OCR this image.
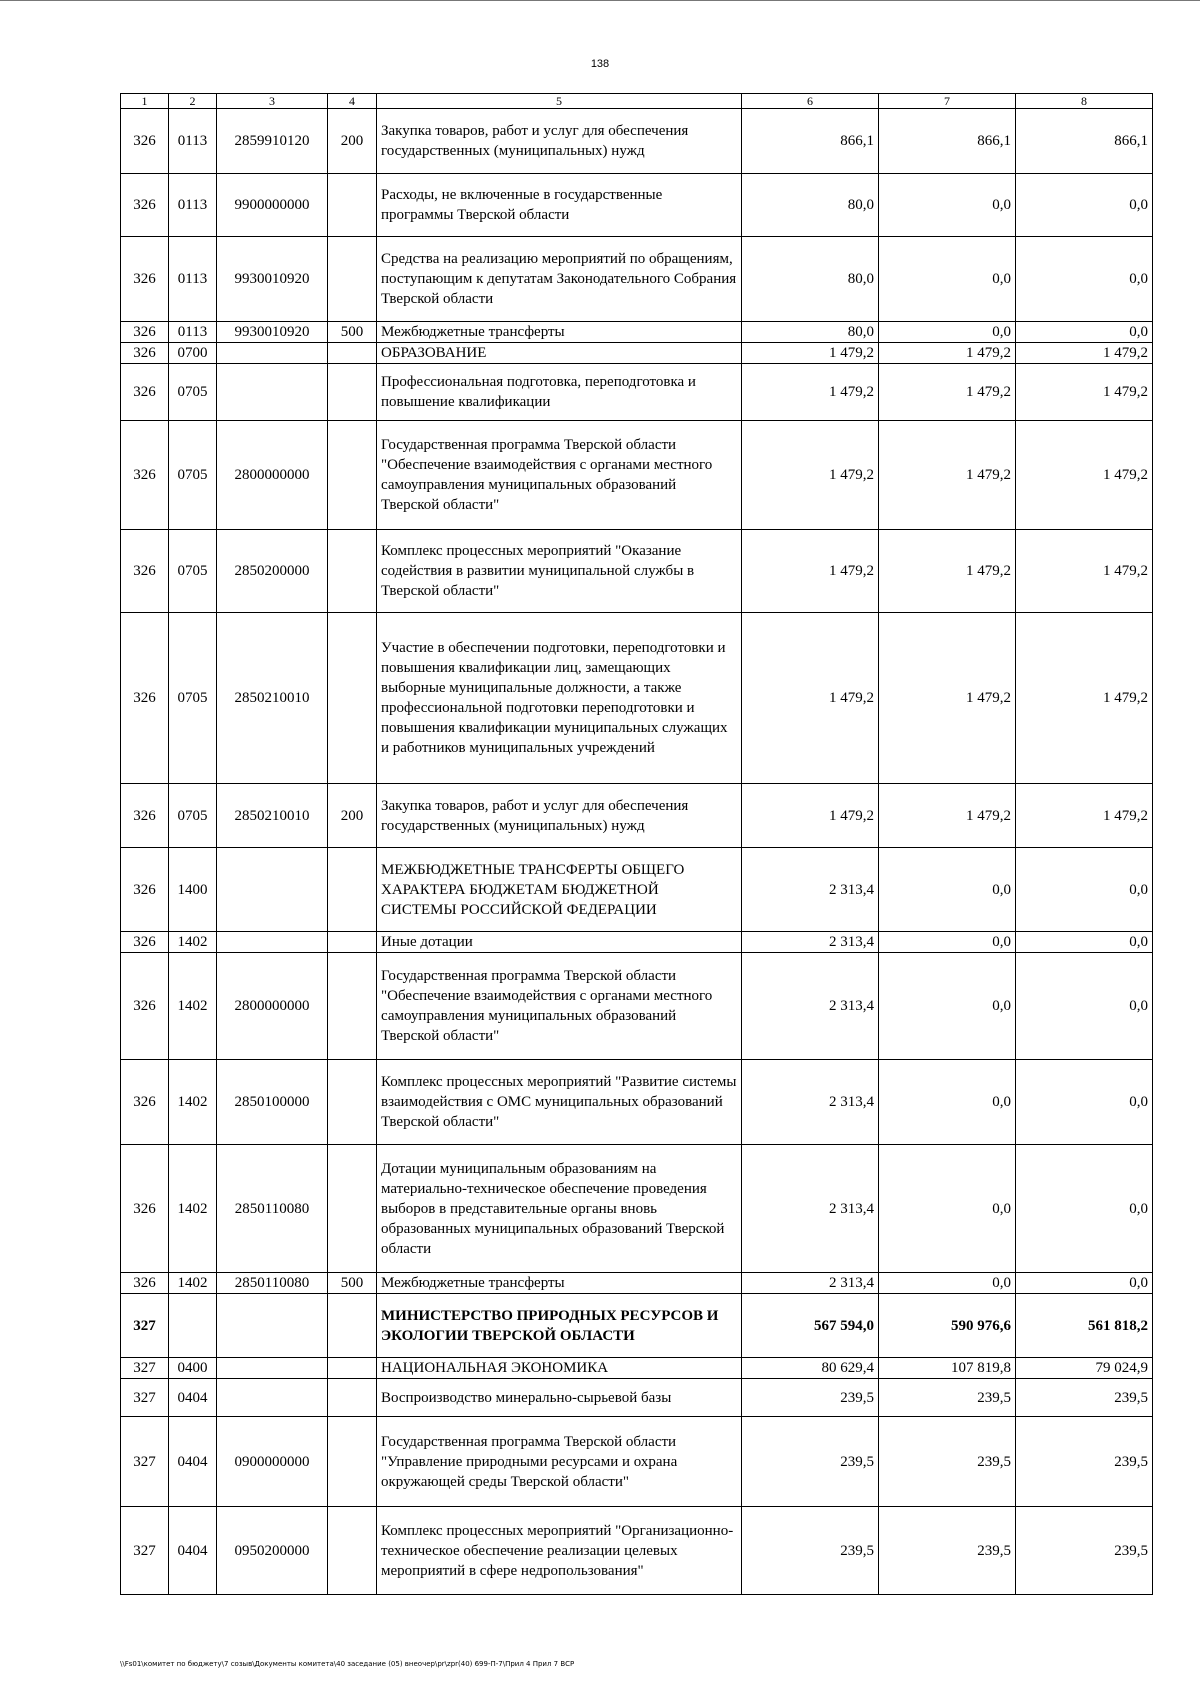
138
1	2	3	4	5	6	7	8
326	0113	2859910120	200	Закупка товаров, работ и услуг для обеспечения государственных (муниципальных) нужд	866,1	866,1	866,1
326	0113	9900000000		Расходы, не включенные в государственные программы Тверской области	80,0	0,0	0,0
326	0113	9930010920		Средства на реализацию мероприятий по обращениям, поступающим к депутатам Законодательного Собрания Тверской области	80,0	0,0	0,0
326	0113	9930010920	500	Межбюджетные трансферты	80,0	0,0	0,0
326	0700			ОБРАЗОВАНИЕ	1 479,2	1 479,2	1 479,2
326	0705			Профессиональная подготовка, переподготовка и повышение квалификации	1 479,2	1 479,2	1 479,2
326	0705	2800000000		Государственная программа Тверской области "Обеспечение взаимодействия с органами местного самоуправления муниципальных образований Тверской области"	1 479,2	1 479,2	1 479,2
326	0705	2850200000		Комплекс процессных мероприятий "Оказание содействия в развитии муниципальной службы в Тверской области"	1 479,2	1 479,2	1 479,2
326	0705	2850210010		Участие в обеспечении подготовки, переподготовки и повышения квалификации лиц, замещающих выборные муниципальные должности, а также профессиональной подготовки переподготовки и повышения квалификации муниципальных служащих и работников муниципальных учреждений	1 479,2	1 479,2	1 479,2
326	0705	2850210010	200	Закупка товаров, работ и услуг для обеспечения государственных (муниципальных) нужд	1 479,2	1 479,2	1 479,2
326	1400			МЕЖБЮДЖЕТНЫЕ ТРАНСФЕРТЫ ОБЩЕГО ХАРАКТЕРА БЮДЖЕТАМ БЮДЖЕТНОЙ СИСТЕМЫ РОССИЙСКОЙ ФЕДЕРАЦИИ	2 313,4	0,0	0,0
326	1402			Иные дотации	2 313,4	0,0	0,0
326	1402	2800000000		Государственная программа Тверской области "Обеспечение взаимодействия с органами местного самоуправления муниципальных образований Тверской области"	2 313,4	0,0	0,0
326	1402	2850100000		Комплекс процессных мероприятий "Развитие системы взаимодействия с ОМС муниципальных образований Тверской области"	2 313,4	0,0	0,0
326	1402	2850110080		Дотации муниципальным образованиям на материально-техническое обеспечение проведения выборов в представительные органы вновь образованных муниципальных образований Тверской области	2 313,4	0,0	0,0
326	1402	2850110080	500	Межбюджетные трансферты	2 313,4	0,0	0,0
327				МИНИСТЕРСТВО ПРИРОДНЫХ РЕСУРСОВ И ЭКОЛОГИИ ТВЕРСКОЙ ОБЛАСТИ	567 594,0	590 976,6	561 818,2
327	0400			НАЦИОНАЛЬНАЯ ЭКОНОМИКА	80 629,4	107 819,8	79 024,9
327	0404			Воспроизводство минерально-сырьевой базы	239,5	239,5	239,5
327	0404	0900000000		Государственная программа Тверской области "Управление природными ресурсами и охрана окружающей среды Тверской области"	239,5	239,5	239,5
327	0404	0950200000		Комплекс процессных мероприятий "Организационно-техническое обеспечение реализации целевых мероприятий в сфере недропользования"	239,5	239,5	239,5
\\Fs01\комитет по бюджету\7 созыв\Документы комитета\40 заседание (05) внеочер\pr\zpr(40) 699-П-7\Прил 4 Прил 7 ВСР
